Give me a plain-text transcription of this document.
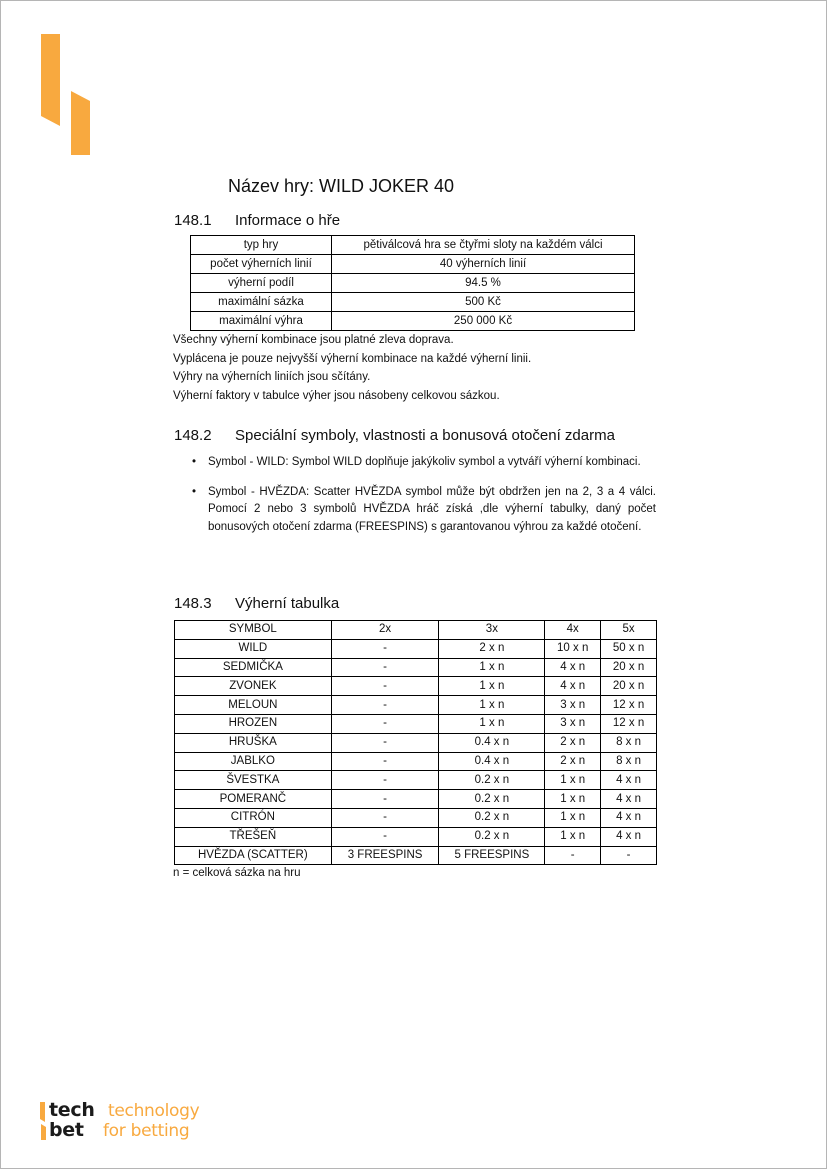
Název hry: WILD JOKER 40
148.1 Informace o hře
typ hry	pětiválcová hra se čtyřmi sloty na každém válci
počet výherních linií	40 výherních linií
výherní podíl	94.5 %
maximální sázka	500 Kč
maximální výhra	250 000 Kč
Všechny výherní kombinace jsou platné zleva doprava.
Vyplácena je pouze nejvyšší výherní kombinace na každé výherní linii.
Výhry na výherních liniích jsou sčítány.
Výherní faktory v tabulce výher jsou násobeny celkovou sázkou.
148.2 Speciální symboly, vlastnosti a bonusová otočení zdarma
• Symbol - WILD: Symbol WILD doplňuje jakýkoliv symbol a vytváří výherní kombinaci.
• Symbol - HVĚZDA: Scatter HVĚZDA symbol může být obdržen jen na 2, 3 a 4 válci. Pomocí 2 nebo 3 symbolů HVĚZDA hráč získá ,dle výherní tabulky, daný počet bonusových otočení zdarma (FREESPINS) s garantovanou výhrou za každé otočení.
148.3 Výherní tabulka
SYMBOL	2x	3x	4x	5x
WILD	-	2 x n	10 x n	50 x n
SEDMIČKA	-	1 x n	4 x n	20 x n
ZVONEK	-	1 x n	4 x n	20 x n
MELOUN	-	1 x n	3 x n	12 x n
HROZEN	-	1 x n	3 x n	12 x n
HRUŠKA	-	0.4 x n	2 x n	8 x n
JABLKO	-	0.4 x n	2 x n	8 x n
ŠVESTKA	-	0.2 x n	1 x n	4 x n
POMERANČ	-	0.2 x n	1 x n	4 x n
CITRÓN	-	0.2 x n	1 x n	4 x n
TŘEŠEŇ	-	0.2 x n	1 x n	4 x n
HVĚZDA (SCATTER)	3 FREESPINS	5 FREESPINS	-	-
n = celková sázka na hru
tech
bet
technology
for betting
